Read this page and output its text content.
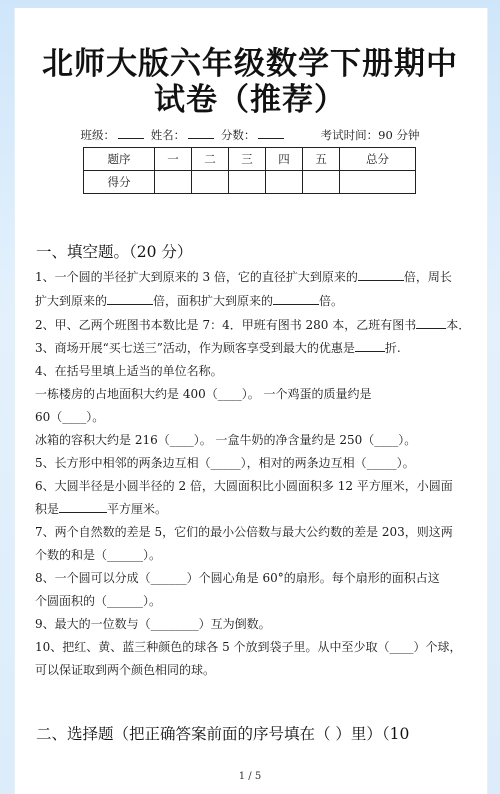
北师大版六年级数学下册期中
试卷（推荐）
班级：	姓名：	分数：	考试时间：90 分钟
题序	一	二	三	四	五	总分
得分						
一、填空题。（20 分）
1、一个圆的半径扩大到原来的 3 倍，它的直径扩大到原来的	倍，周长
扩大到原来的	倍，面积扩大到原来的	倍。
2、甲、乙两个班图书本数比是 7：4．甲班有图书 280 本，乙班有图书	本．
3、商场开展“买七送三”活动，作为顾客享受到最大的优惠是	折.
4、在括号里填上适当的单位名称。
一栋楼房的占地面积大约是 400（____）。 一个鸡蛋的质量约是
60（____）。
冰箱的容积大约是 216（____）。 一盒牛奶的净含量约是 250（____）。
5、长方形中相邻的两条边互相（_____），相对的两条边互相（_____）。
6、大圆半径是小圆半径的 2 倍，大圆面积比小圆面积多 12 平方厘米，小圆面
积是	平方厘米。
7、两个自然数的差是 5，它们的最小公倍数与最大公约数的差是 203，则这两
个数的和是（______）。
8、一个圆可以分成（______）个圆心角是 60°的扇形。每个扇形的面积占这
个圆面积的（______）。
9、最大的一位数与（________）互为倒数。
10、把红、黄、蓝三种颜色的球各 5 个放到袋子里。从中至少取（____）个球，
可以保证取到两个颜色相同的球。
二、选择题（把正确答案前面的序号填在（ ）里）（10
1 / 5
